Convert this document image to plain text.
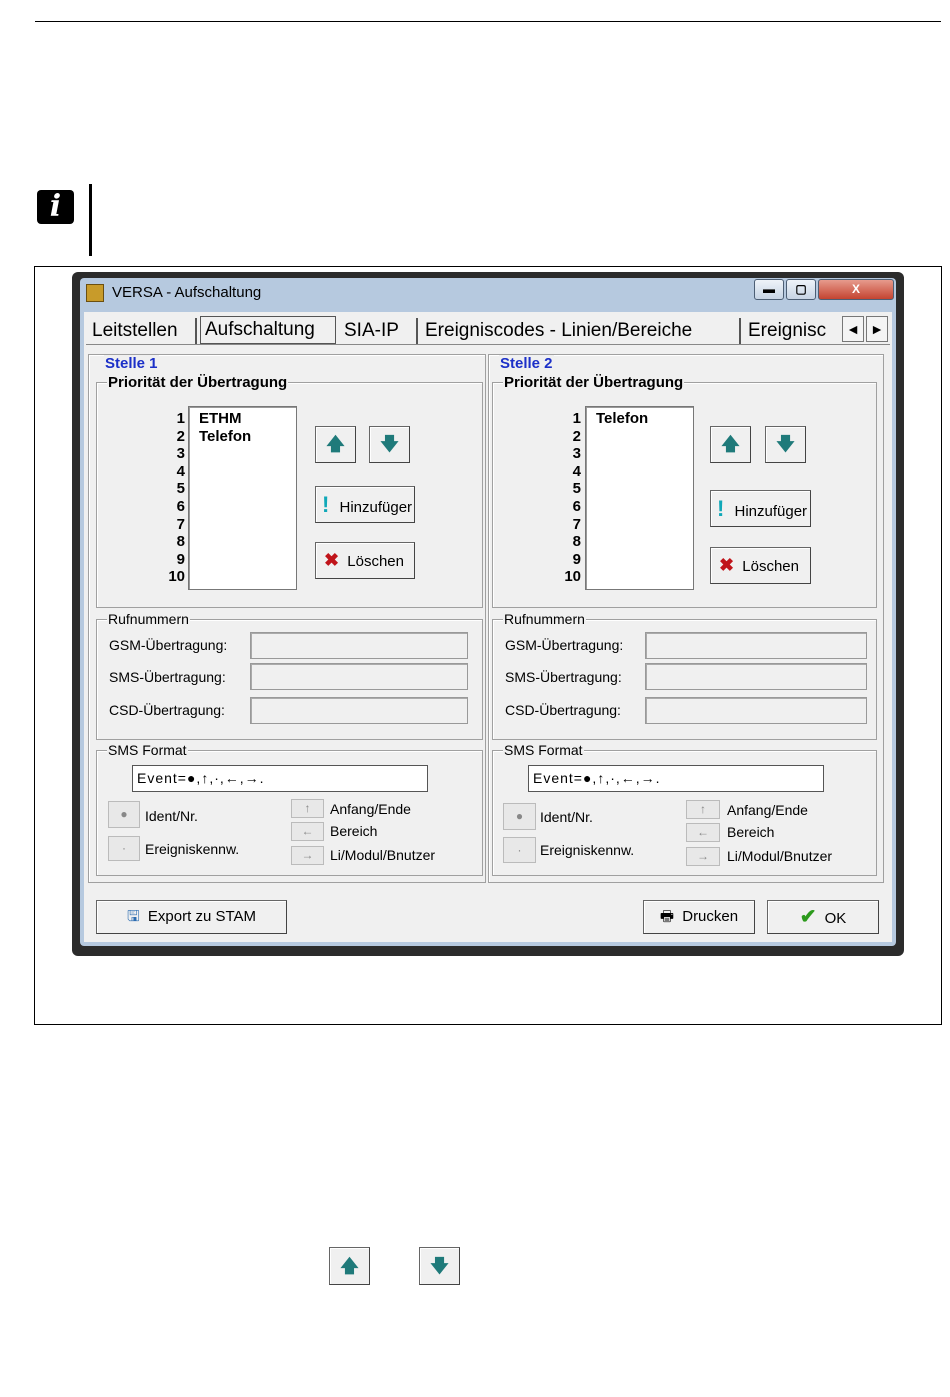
i
VERSA - Aufschaltung	▬	▢	X
Leitstellen	Aufschaltung	SIA-IP	Ereigniscodes - Linien/Bereiche	Ereignisc	◄ ►
Stelle 1
Priorität der Übertragung
1
2
3
4
5
6
7
8
9
10
ETHM
Telefon	🡅	🡇
! Hinzufüger
✖ Löschen
Rufnummern
GSM-Übertragung:
SMS-Übertragung:
CSD-Übertragung:
SMS Format
Event=●,↑,·,←,→.
●	Ident/Nr.
·	Ereigniskennw.
↑	Anfang/Ende
←	Bereich
→	Li/Modul/Bnutzer
Stelle 2
Priorität der Übertragung
1
2
3
4
5
6
7
8
9
10
Telefon
🡅	🡇
! Hinzufüger
✖ Löschen
Rufnummern
GSM-Übertragung:
SMS-Übertragung:
CSD-Übertragung:
SMS Format
Event=●,↑,·,←,→.
●	Ident/Nr.
·	Ereigniskennw.
↑	Anfang/Ende
←	Bereich
→	Li/Modul/Bnutzer
🖫 Export zu STAM	🖶 Drucken	✔ OK
🡅	🡇
